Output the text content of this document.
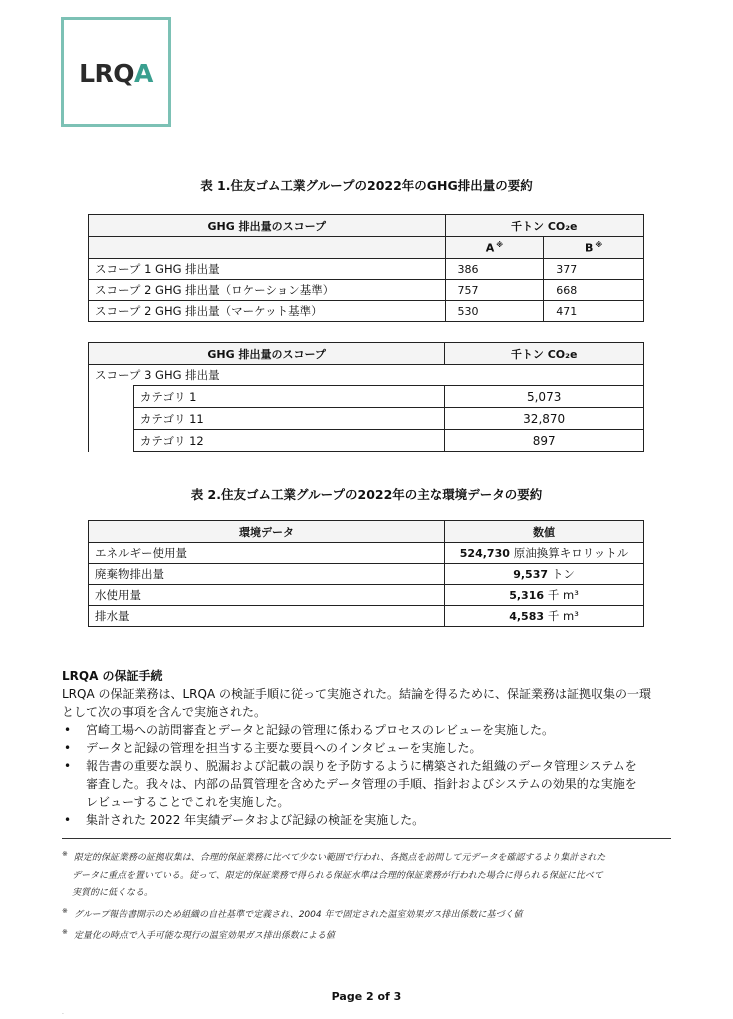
LRQA
表 1.住友ゴム工業グループの2022年のGHG排出量の要約
GHG 排出量のスコープ	千トン CO₂e	
	A ※	B ※
スコープ 1 GHG 排出量	386	377
スコープ 2 GHG 排出量（ロケーション基準）	757	668
スコープ 2 GHG 排出量（マーケット基準）	530	471
GHG 排出量のスコープ		千トン CO₂e
スコープ 3 GHG 排出量		
	カテゴリ 1	5,073
	カテゴリ 11	32,870
	カテゴリ 12	897
表 2.住友ゴム工業グループの2022年の主な環境データの要約
環境データ	数値
エネルギー使用量	524,730 原油換算キロリットル
廃棄物排出量	9,537 トン
水使用量	5,316 千 m³
排水量	4,583 千 m³
LRQA の保証手続
LRQA の保証業務は、LRQA の検証手順に従って実施された。結論を得るために、保証業務は証拠収集の一環
として次の事項を含んで実施された。
• 宮崎工場への訪問審査とデータと記録の管理に係わるプロセスのレビューを実施した。
• データと記録の管理を担当する主要な要員へのインタビューを実施した。
• 報告書の重要な誤り、脱漏および記載の誤りを予防するように構築された組織のデータ管理システムを
審査した。我々は、内部の品質管理を含めたデータ管理の手順、指針およびシステムの効果的な実施を
レビューすることでこれを実施した。
• 集計された 2022 年実績データおよび記録の検証を実施した。
※ 限定的保証業務の証拠収集は、合理的保証業務に比べて少ない範囲で行われ、各拠点を訪問して元データを確認するより集計された
データに重点を置いている。従って、限定的保証業務で得られる保証水準は合理的保証業務が行われた場合に得られる保証に比べて
実質的に低くなる。
※ グループ報告書開示のため組織の自社基準で定義され、2004 年で固定された温室効果ガス排出係数に基づく値
※ 定量化の時点で入手可能な現行の温室効果ガス排出係数による値
Page 2 of 3
.
